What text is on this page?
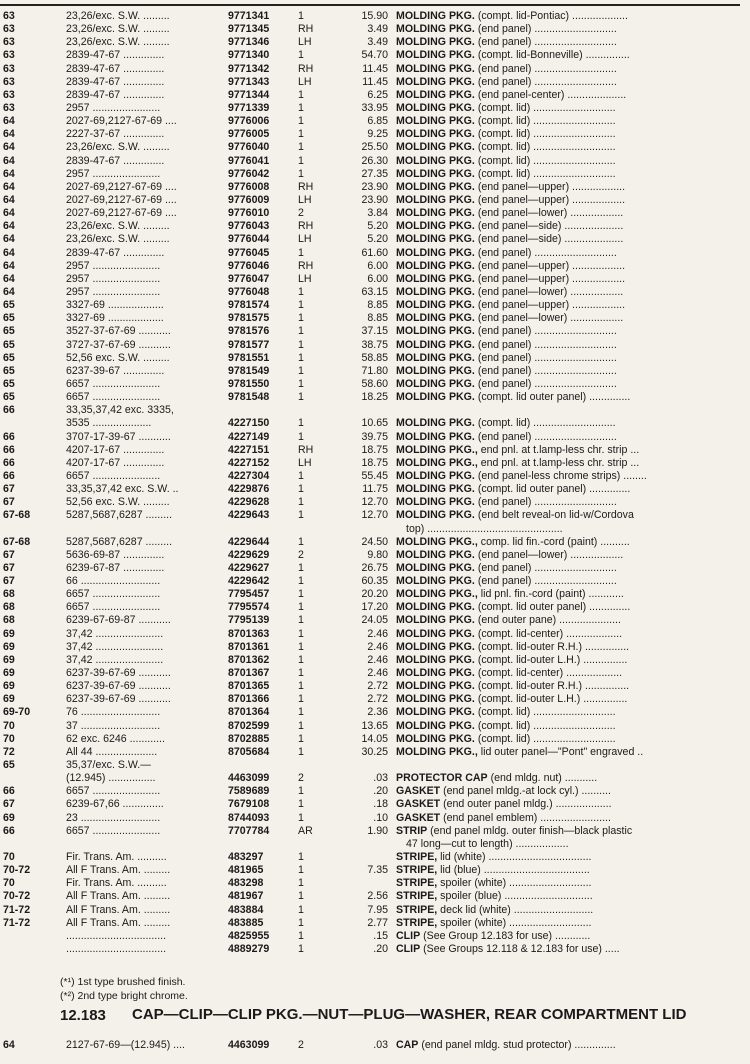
63	23,26/exc. S.W. .........	9771341	1	15.90 MOLDING PKG. (compt. lid-Pontiac) ...................
63	23,26/exc. S.W. .........	9771345	RH	3.49 MOLDING PKG. (end panel) ............................
63	23,26/exc. S.W. .........	9771346	LH	3.49 MOLDING PKG. (end panel) ............................
63	2839-47-67 ..............	9771340	1	54.70 MOLDING PKG. (compt. lid-Bonneville) ...............
63	2839-47-67 ..............	9771342	RH	11.45 MOLDING PKG. (end panel) ............................
63	2839-47-67 ..............	9771343	LH	11.45 MOLDING PKG. (end panel) ............................
63	2839-47-67 ..............	9771344	1	6.25 MOLDING PKG. (end panel-center) ....................
63	2957 .......................	9771339	1	33.95 MOLDING PKG. (compt. lid) ............................
64	2027-69,2127-67-69 ....	9776006	1	6.85 MOLDING PKG. (compt. lid) ............................
64	2227-37-67 ..............	9776005	1	9.25 MOLDING PKG. (compt. lid) ............................
64	23,26/exc. S.W. .........	9776040	1	25.50 MOLDING PKG. (compt. lid) ............................
64	2839-47-67 ..............	9776041	1	26.30 MOLDING PKG. (compt. lid) ............................
64	2957 .......................	9776042	1	27.35 MOLDING PKG. (compt. lid) ............................
64	2027-69,2127-67-69 ....	9776008	RH	23.90 MOLDING PKG. (end panel—upper) ..................
64	2027-69,2127-67-69 ....	9776009	LH	23.90 MOLDING PKG. (end panel—upper) ..................
64	2027-69,2127-67-69 ....	9776010	2	3.84 MOLDING PKG. (end panel—lower) ..................
64	23,26/exc. S.W. .........	9776043	RH	5.20 MOLDING PKG. (end panel—side) ....................
64	23,26/exc. S.W. .........	9776044	LH	5.20 MOLDING PKG. (end panel—side) ....................
64	2839-47-67 ..............	9776045	1	61.60 MOLDING PKG. (end panel) ............................
64	2957 .......................	9776046	RH	6.00 MOLDING PKG. (end panel—upper) ..................
64	2957 .......................	9776047	LH	6.00 MOLDING PKG. (end panel—upper) ..................
64	2957 .......................	9776048	1	63.15 MOLDING PKG. (end panel—lower) ..................
65	3327-69 ...................	9781574	1	8.85 MOLDING PKG. (end panel—upper) ..................
65	3327-69 ...................	9781575	1	8.85 MOLDING PKG. (end panel—lower) ..................
65	3527-37-67-69 ...........	9781576	1	37.15 MOLDING PKG. (end panel) ............................
65	3727-37-67-69 ...........	9781577	1	38.75 MOLDING PKG. (end panel) ............................
65	52,56 exc. S.W. .........	9781551	1	58.85 MOLDING PKG. (end panel) ............................
65	6237-39-67 ..............	9781549	1	71.80 MOLDING PKG. (end panel) ............................
65	6657 .......................	9781550	1	58.60 MOLDING PKG. (end panel) ............................
65	6657 .......................	9781548	1	18.25 MOLDING PKG. (compt. lid outer panel) ..............
66	33,35,37,42 exc. 3335,
3535 ....................	4227150	1	10.65 MOLDING PKG. (compt. lid) ............................
66	3707-17-39-67 ...........	4227149	1	39.75 MOLDING PKG. (end panel) ............................
66	4207-17-67 ..............	4227151	RH	18.75 MOLDING PKG., end pnl. at t.lamp-less chr. strip ...
66	4207-17-67 ..............	4227152	LH	18.75 MOLDING PKG., end pnl. at t.lamp-less chr. strip ...
66	6657 .......................	4227304	1	55.45 MOLDING PKG. (end panel-less chrome strips) ........
67	33,35,37,42 exc. S.W. ..	4229876	1	11.75 MOLDING PKG. (compt. lid outer panel) ..............
67	52,56 exc. S.W. .........	4229628	1	12.70 MOLDING PKG. (end panel) ............................
67-68	5287,5687,6287 .........	4229643	1	12.70 MOLDING PKG. (end belt reveal-on lid-w/Cordova
top) ..............................................
67-68	5287,5687,6287 .........	4229644	1	24.50 MOLDING PKG., comp. lid fin.-cord (paint) ..........
67	5636-69-87 ..............	4229629	2	9.80 MOLDING PKG. (end panel—lower) ..................
67	6239-67-87 ..............	4229627	1	26.75 MOLDING PKG. (end panel) ............................
67	66 ...........................	4229642	1	60.35 MOLDING PKG. (end panel) ............................
68	6657 .......................	7795457	1	20.20 MOLDING PKG., lid pnl. fin.-cord (paint) ............
68	6657 .......................	7795574	1	17.20 MOLDING PKG. (compt. lid outer panel) ..............
68	6239-67-69-87 ...........	7795139	1	24.05 MOLDING PKG. (end outer pane) .....................
69	37,42 .......................	8701363	1	2.46 MOLDING PKG. (compt. lid-center) ...................
69	37,42 .......................	8701361	1	2.46 MOLDING PKG. (compt. lid-outer R.H.) ...............
69	37,42 .......................	8701362	1	2.46 MOLDING PKG. (compt. lid-outer L.H.) ...............
69	6237-39-67-69 ...........	8701367	1	2.46 MOLDING PKG. (compt. lid-center) ...................
69	6237-39-67-69 ...........	8701365	1	2.72 MOLDING PKG. (compt. lid-outer R.H.) ...............
69	6237-39-67-69 ...........	8701366	1	2.72 MOLDING PKG. (compt. lid-outer L.H.) ...............
69-70	76 ...........................	8701364	1	2.36 MOLDING PKG. (compt. lid) ............................
70	37 ...........................	8702599	1	13.65 MOLDING PKG. (compt. lid) ............................
70	62 exc. 6246 ............	8702885	1	14.05 MOLDING PKG. (compt. lid) ............................
72	All 44 .....................	8705684	1	30.25 MOLDING PKG., lid outer panel—"Pont" engraved ..
65	35,37/exc. S.W.—
(12.945) ................	4463099	2	.03 PROTECTOR CAP (end mldg. nut) ...........
66	6657 .......................	7589689	1	.20 GASKET (end panel mldg.-at lock cyl.) ..........
67	6239-67,66 ..............	7679108	1	.18 GASKET (end outer panel mldg.) ...................
69	23 ...........................	8744093	1	.10 GASKET (end panel emblem) ........................
66	6657 .......................	7707784	AR	1.90 STRIP (end panel mldg. outer finish—black plastic
47 long—cut to length) ..................
70	Fir. Trans. Am. ..........	483297	1	STRIPE, lid (white) ...................................
70-72	All F Trans. Am. .........	481965	1	7.35 STRIPE, lid (blue) ....................................
70	Fir. Trans. Am. ..........	483298	1	STRIPE, spoiler (white) ............................
70-72	All F Trans. Am. .........	481967	1	2.56 STRIPE, spoiler (blue) ..............................
71-72	All F Trans. Am. .........	483884	1	7.95 STRIPE, deck lid (white) ...........................
71-72	All F Trans. Am. .........	483885	1	2.77 STRIPE, spoiler (white) ............................
..................................	4825955	1	.15 CLIP (See Group 12.183 for use) ............
..................................	4889279	1	.20 CLIP (See Groups 12.118 & 12.183 for use) .....
(*¹) 1st type brushed finish.
(*²) 2nd type bright chrome.
12.183 CAP—CLIP—CLIP PKG.—NUT—PLUG—WASHER, REAR COMPARTMENT LID
64	2127-67-69—(12.945) ....	4463099	2	.03 CAP (end panel mldg. stud protector) ..............
